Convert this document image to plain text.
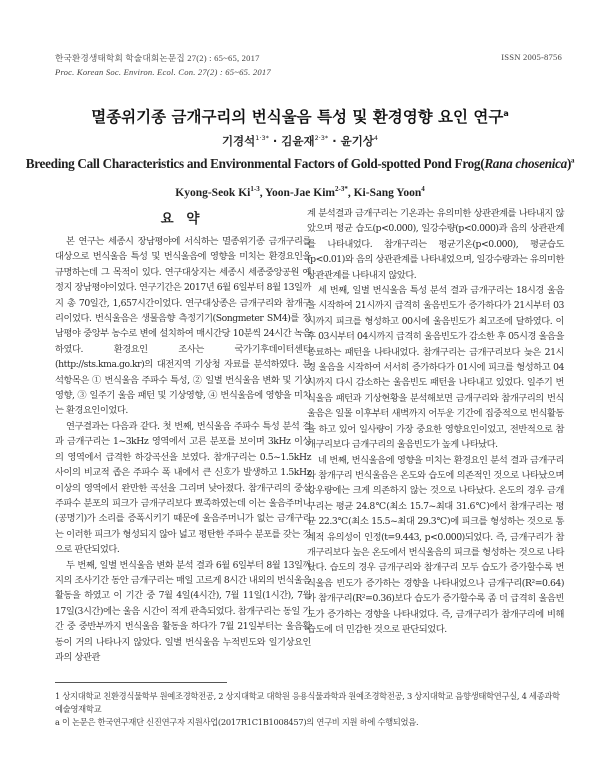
한국환경생태학회 학술대회논문집 27(2) : 65~65, 2017	ISSN 2005-8756
Proc. Korean Soc. Environ. Ecol. Con. 27(2) : 65~65. 2017
멸종위기종 금개구리의 번식울음 특성 및 환경영향 요인 연구$^a$
기경석$^{1\cdot 3*}$ · 김윤재$^{2\cdot 3*}$ · 윤기상$^4$
Breeding Call Characteristics and Environmental Factors of Gold-spotted Pond Frog(Rana chosenica)$^a$
Kyong-Seok Ki$^{1-3}$, Yoon-Jae Kim$^{2-3*}$, Ki-Sang Yoon$^4$
요 약

본 연구는 세종시 장남평야에 서식하는 멸종위기종 금개구리를 대상으로 번식울음 특성 및 번식울음에 영향을 미치는 환경요인을 규명하는데 그 목적이 있다. 연구대상지는 세종시 세종중앙공원 예정지 장남평야이었다. 연구기간은 2017년 6월 6일부터 8월 13일까지 총 70일간, 1,657시간이었다. 연구대상종은 금개구리와 참개구리이었다. 번식울음은 생물음향 측정기기(Songmeter SM4)를 장남평야 중앙부 농수로 변에 설치하여 매시간당 10분씩 24시간 녹음하였다. 환경요인 조사는 국가기후데이터센터(http://sts.kma.go.kr)의 대전지역 기상청 자료를 분석하였다. 분석항목은 ① 번식울음 주파수 특성, ② 일별 번식울음 변화 및 기상영향, ③ 일주기 울음 패턴 및 기상영향, ④ 번식울음에 영향을 미치는 환경요인이었다.

연구결과는 다음과 같다. 첫 번째, 번식울음 주파수 특성 분석 결과 금개구리는 1~3kHz 영역에서 고른 분포를 보이며 3kHz 이상의 영역에서 급격한 하강곡선을 보였다. 참개구리는 0.5~1.5kHz 사이의 비교적 좁은 주파수 폭 내에서 큰 신호가 발생하고 1.5kHz 이상의 영역에서 완만한 곡선을 그리며 낮아졌다. 참개구리의 중심주파수 분포의 피크가 금개구리보다 뾰족하였는데 이는 울음주머니(공명기)가 소리를 증폭시키기 때문에 울음주머니가 없는 금개구리는 이러한 피크가 형성되지 않아 넓고 평탄한 주파수 분포를 갖는 것으로 판단되었다.

두 번째, 일별 번식울음 변화 분석 결과 6월 6일부터 8월 13일까지의 조사기간 동안 금개구리는 매일 고르게 8시간 내외의 번식울음 활동을 하였고 이 기간 중 7월 4일(4시간), 7월 11일(1시간), 7월 17일(3시간)에는 울음 시간이 적게 관측되었다. 참개구리는 동일 기간 중 중반부까지 번식울음 활동을 하다가 7월 21일부터는 울음활동이 거의 나타나지 않았다. 일별 번식울음 누적빈도와 일기상요인과의 상관관

계 분석결과 금개구리는 기온과는 유의미한 상관관계를 나타내지 않았으며 평균 습도(p<0.000), 일강수량(p<0.000)과 음의 상관관계를 나타내었다. 참개구리는 평균기온(p<0.000), 평균습도(p<0.01)와 음의 상관관계를 나타내었으며, 일강수량과는 유의미한 상관관계를 나타내지 않았다.

세 번째, 일별 번식울음 특성 분석 결과 금개구리는 18시경 울음을 시작하여 21시까지 급격히 울음빈도가 증가하다가 21시부터 03시까지 피크를 형성하고 00시에 울음빈도가 최고조에 달하였다. 이후 03시부터 04시까지 급격히 울음빈도가 감소한 후 05시경 울음을 종료하는 패턴을 나타내었다. 참개구리는 금개구리보다 늦은 21시경 울음을 시작하여 서서히 증가하다가 01시에 피크를 형성하고 04시까지 다시 감소하는 울음빈도 패턴을 나타내고 있었다. 일주기 번식울음 패턴과 기상현황을 분석해보면 금개구리와 참개구리의 번식울음은 일몰 이후부터 새벽까지 어두운 기간에 집중적으로 번식활동을 하고 있어 일사량이 가장 중요한 영향요인이었고, 전반적으로 참개구리보다 금개구리의 울음빈도가 높게 나타났다.

네 번째, 번식울음에 영향을 미치는 환경요인 분석 결과 금개구리와 참개구리 번식울음은 온도와 습도에 의존적인 것으로 나타났으며 강우량에는 크게 의존하지 않는 것으로 나타났다. 온도의 경우 금개구리는 평균 24.8℃(최소 15.7~최대 31.6℃)에서 참개구리는 평균 22.3℃(최소 15.5~최대 29.3℃)에 피크를 형성하는 것으로 통계적 유의성이 인정(t=9.443, p<0.000)되었다. 즉, 금개구리가 참개구리보다 높은 온도에서 번식울음의 피크를 형성하는 것으로 나타났다. 습도의 경우 금개구리와 참개구리 모두 습도가 증가할수록 번식울음 빈도가 증가하는 경향을 나타내었으나 금개구리(R²=0.64)가 참개구리(R²=0.36)보다 습도가 증가할수록 좀 더 급격히 울음빈도가 증가하는 경향을 나타내었다. 즉, 금개구리가 참개구리에 비해 습도에 더 민감한 것으로 판단되었다.

1 상지대학교 친환경식물학부 원예조경학전공, 2 상지대학교 대학원 응용식물과학과 원예조경학전공, 3 상지대학교 음향생태학연구실, 4 세종과학예술영재학교

a 이 논문은 한국연구재단 신진연구자 지원사업(2017R1C1B1008457)의 연구비 지원 하에 수행되었음.
